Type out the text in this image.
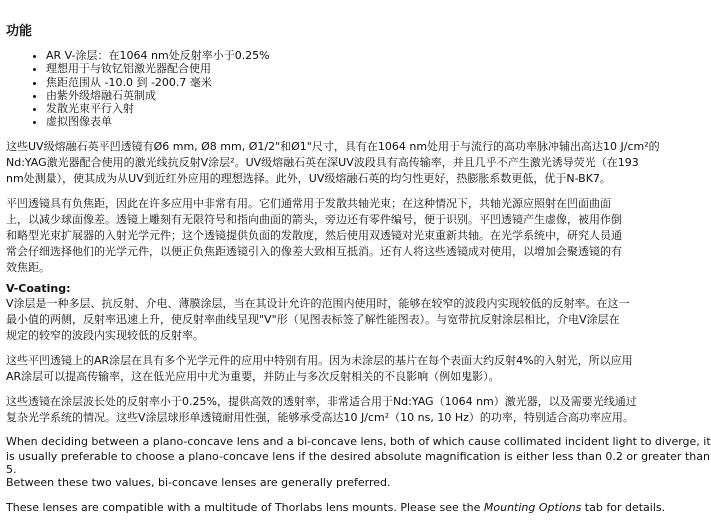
功能
• AR V-涂层：在1064 nm处反射率小于0.25%
• 理想用于与钕钇铝激光器配合使用
• 焦距范围从 -10.0 到 -200.7 毫米
• 由紫外级熔融石英制成
• 发散光束平行入射
• 虚拟图像表单

这些UV级熔融石英平凹透镜有Ø6 mm, Ø8 mm, Ø1/2"和Ø1"尺寸，具有在1064 nm处用于与流行的高功率脉冲辅出高达10 J/cm²的

Nd:YAG激光器配合使用的激光线抗反射V涂层²。UV级熔融石英在深UV波段具有高传输率，并且几乎不产生激光诱导荧光（在193

nm处测量），使其成为从UV到近红外应用的理想选择。此外，UV级熔融石英的均匀性更好，热膨胀系数更低，优于N-BK7。

平凹透镜具有负焦距，因此在许多应用中非常有用。它们通常用于发散共轴光束；在这种情况下，共轴光源应照射在凹面曲面

上，以减少球面像差。透镜上雕刻有无限符号和指向曲面的箭头，旁边还有零件编号，便于识别。平凹透镜产生虚像，被用作倒

和略型光束扩展器的入射光学元件；这个透镜提供负面的发散度，然后使用双透镜对光束重新共轴。在光学系统中，研究人员通

常会仔细选择他们的光学元件，以便正负焦距透镜引入的像差大致相互抵消。还有人将这些透镜成对使用，以增加会聚透镜的有

效焦距。

V-Coating:

V涂层是一种多层、抗反射、介电、薄膜涂层，当在其设计允许的范围内使用时，能够在较窄的波段内实现较低的反射率。在这一

最小值的两侧，反射率迅速上升，使反射率曲线呈现"V"形（见图表标签了解性能图表）。与宽带抗反射涂层相比，介电V涂层在

规定的较窄的波段内实现较低的反射率。

这些平凹透镜上的AR涂层在具有多个光学元件的应用中特别有用。因为未涂层的基片在每个表面大约反射4%的入射光，所以应用

AR涂层可以提高传输率，这在低光应用中尤为重要，并防止与多次反射相关的不良影响（例如鬼影）。

这些透镜在涂层波长处的反射率小于0.25%，提供高效的透射率，非常适合用于Nd:YAG（1064 nm）激光器，以及需要光线通过

复杂光学系统的情况。这些V涂层球形单透镜耐用性强，能够承受高达10 J/cm²（10 ns, 10 Hz）的功率，特别适合高功率应用。

When deciding between a plano-concave lens and a bi-concave lens, both of which cause collimated incident light to diverge, it

is usually preferable to choose a plano-concave lens if the desired absolute magnification is either less than 0.2 or greater than

5.

Between these two values, bi-concave lenses are generally preferred.

These lenses are compatible with a multitude of Thorlabs lens mounts. Please see the Mounting Options tab for details.
